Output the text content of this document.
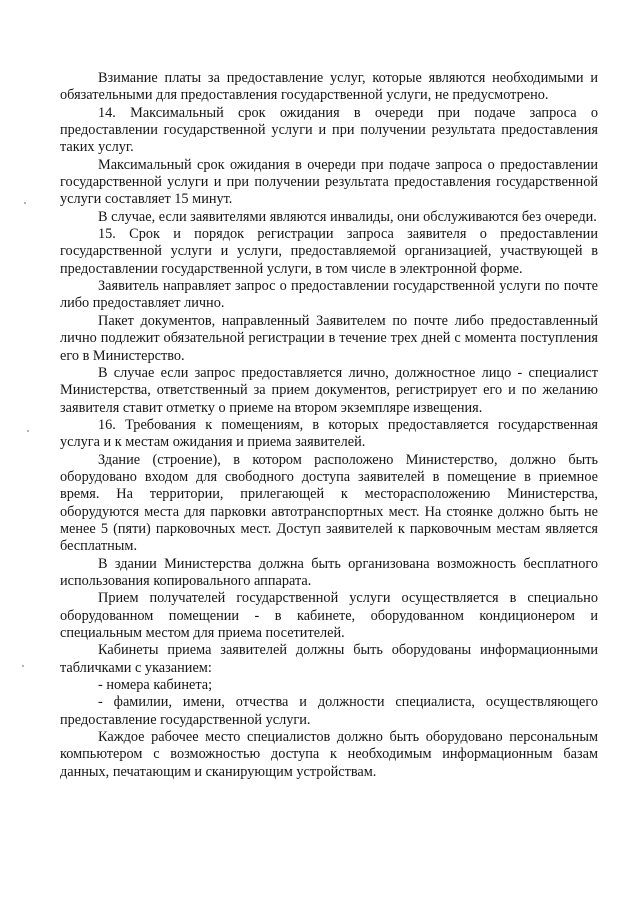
Взимание платы за предоставление услуг, которые являются необходимыми и обязательными для предоставления государственной услуги, не предусмотрено.

14. Максимальный срок ожидания в очереди при подаче запроса о предоставлении государственной услуги и при получении результата предоставления таких услуг.

Максимальный срок ожидания в очереди при подаче запроса о предоставлении государственной услуги и при получении результата предоставления государственной услуги составляет 15 минут.

В случае, если заявителями являются инвалиды, они обслуживаются без очереди.

15. Срок и порядок регистрации запроса заявителя о предоставлении государственной услуги и услуги, предоставляемой организацией, участвующей в предоставлении государственной услуги, в том числе в электронной форме.

Заявитель направляет запрос о предоставлении государственной услуги по почте либо предоставляет лично.

Пакет документов, направленный Заявителем по почте либо предоставленный лично подлежит обязательной регистрации в течение трех дней с момента поступления его в Министерство.

В случае если запрос предоставляется лично, должностное лицо - специалист Министерства, ответственный за прием документов, регистрирует его и по желанию заявителя ставит отметку о приеме на втором экземпляре извещения.

16. Требования к помещениям, в которых предоставляется государственная услуга и к местам ожидания и приема заявителей.

Здание (строение), в котором расположено Министерство, должно быть оборудовано входом для свободного доступа заявителей в помещение в приемное время. На территории, прилегающей к месторасположению Министерства, оборудуются места для парковки автотранспортных мест. На стоянке должно быть не менее 5 (пяти) парковочных мест. Доступ заявителей к парковочным местам является бесплатным.

В здании Министерства должна быть организована возможность бесплатного использования копировального аппарата.

Прием получателей государственной услуги осуществляется в специально оборудованном помещении - в кабинете, оборудованном кондиционером и специальным местом для приема посетителей.

Кабинеты приема заявителей должны быть оборудованы информационными табличками с указанием:

- номера кабинета;

- фамилии, имени, отчества и должности специалиста, осуществляющего предоставление государственной услуги.

Каждое рабочее место специалистов должно быть оборудовано персональным компьютером с возможностью доступа к необходимым информационным базам данных, печатающим и сканирующим устройствам.
